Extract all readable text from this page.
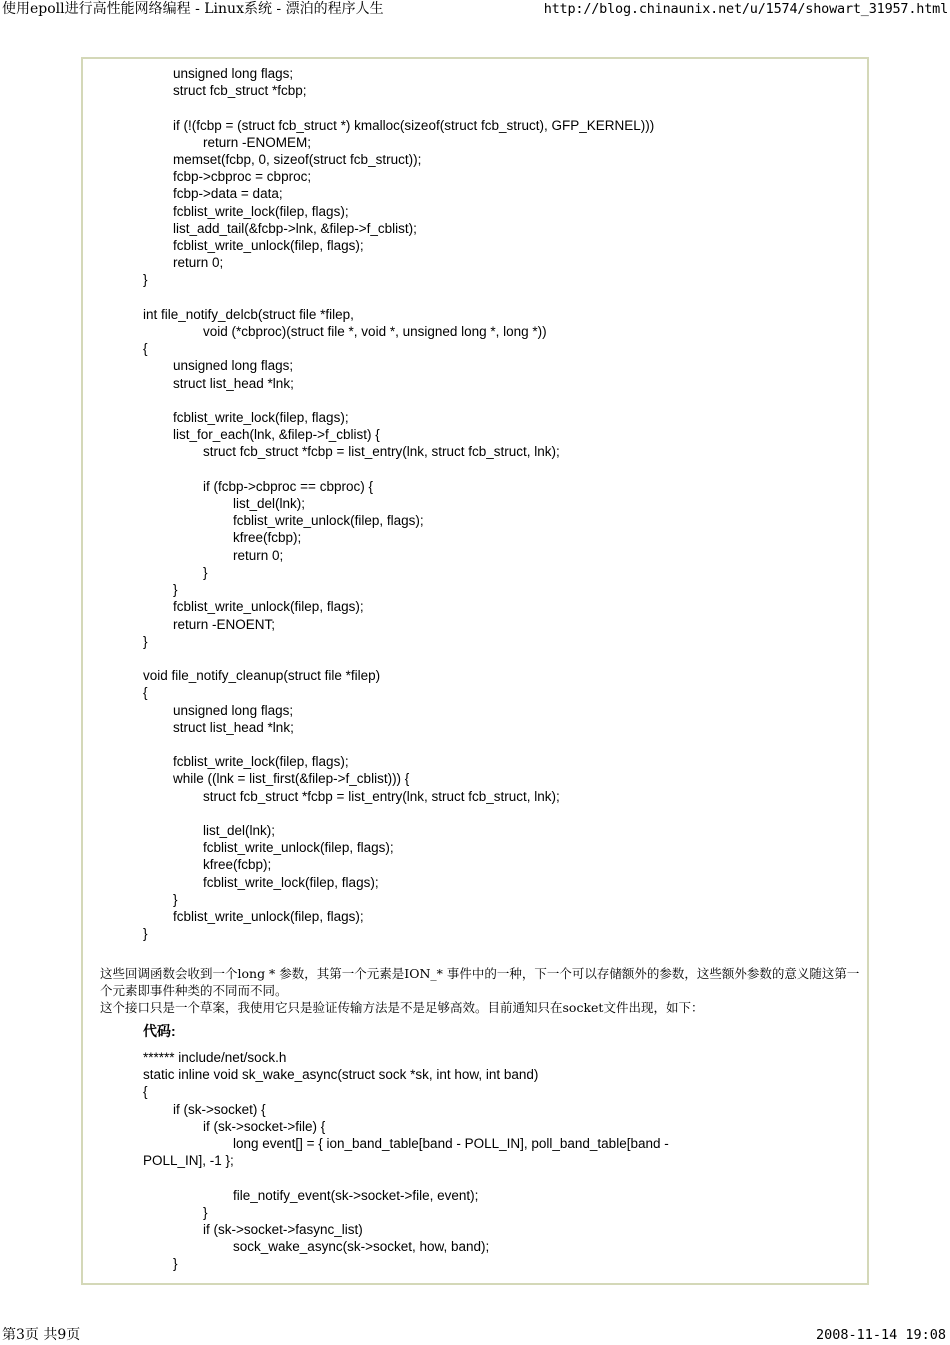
使用epoll进行高性能网络编程 - Linux系统 - 漂泊的程序人生	http://blog.chinaunix.net/u/1574/showart_31957.html
unsigned long flags;
struct fcb_struct *fcbp;

if (!(fcbp = (struct fcb_struct *) kmalloc(sizeof(struct fcb_struct), GFP_KERNEL)))
return -ENOMEM;
memset(fcbp, 0, sizeof(struct fcb_struct));
fcbp->cbproc = cbproc;
fcbp->data = data;
fcblist_write_lock(filep, flags);
list_add_tail(&fcbp->lnk, &filep->f_cblist);
fcblist_write_unlock(filep, flags);
return 0;
}

int file_notify_delcb(struct file *filep,
void (*cbproc)(struct file *, void *, unsigned long *, long *))
{
unsigned long flags;
struct list_head *lnk;

fcblist_write_lock(filep, flags);
list_for_each(lnk, &filep->f_cblist) {
struct fcb_struct *fcbp = list_entry(lnk, struct fcb_struct, lnk);

if (fcbp->cbproc == cbproc) {
list_del(lnk);
fcblist_write_unlock(filep, flags);
kfree(fcbp);
return 0;
}
}
fcblist_write_unlock(filep, flags);
return -ENOENT;
}

void file_notify_cleanup(struct file *filep)
{
unsigned long flags;
struct list_head *lnk;

fcblist_write_lock(filep, flags);
while ((lnk = list_first(&filep->f_cblist))) {
struct fcb_struct *fcbp = list_entry(lnk, struct fcb_struct, lnk);

list_del(lnk);
fcblist_write_unlock(filep, flags);
kfree(fcbp);
fcblist_write_lock(filep, flags);
}
fcblist_write_unlock(filep, flags);
}
这些回调函数会收到一个long * 参数，其第一个元素是ION_* 事件中的一种，下一个可以存储额外的参数，这些额外参数的意义随这第一个元素即事件种类的不同而不同。
这个接口只是一个草案，我使用它只是验证传输方法是不是足够高效。目前通知只在socket文件出现，如下：
代码:
****** include/net/sock.h
static inline void sk_wake_async(struct sock *sk, int how, int band)
{
if (sk->socket) {
if (sk->socket->file) {
long event[] = { ion_band_table[band - POLL_IN], poll_band_table[band -
POLL_IN], -1 };

file_notify_event(sk->socket->file, event);
}
if (sk->socket->fasync_list)
sock_wake_async(sk->socket, how, band);
}
第3页 共9页	2008-11-14 19:08
